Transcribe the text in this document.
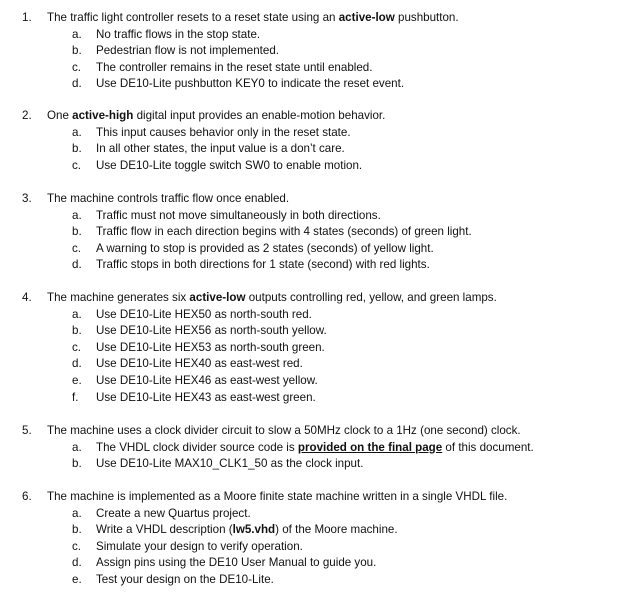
1. The traffic light controller resets to a reset state using an active-low pushbutton.
a. No traffic flows in the stop state.
b. Pedestrian flow is not implemented.
c. The controller remains in the reset state until enabled.
d. Use DE10-Lite pushbutton KEY0 to indicate the reset event.
2. One active-high digital input provides an enable-motion behavior.
a. This input causes behavior only in the reset state.
b. In all other states, the input value is a don’t care.
c. Use DE10-Lite toggle switch SW0 to enable motion.
3. The machine controls traffic flow once enabled.
a. Traffic must not move simultaneously in both directions.
b. Traffic flow in each direction begins with 4 states (seconds) of green light.
c. A warning to stop is provided as 2 states (seconds) of yellow light.
d. Traffic stops in both directions for 1 state (second) with red lights.
4. The machine generates six active-low outputs controlling red, yellow, and green lamps.
a. Use DE10-Lite HEX50 as north-south red.
b. Use DE10-Lite HEX56 as north-south yellow.
c. Use DE10-Lite HEX53 as north-south green.
d. Use DE10-Lite HEX40 as east-west red.
e. Use DE10-Lite HEX46 as east-west yellow.
f. Use DE10-Lite HEX43 as east-west green.
5. The machine uses a clock divider circuit to slow a 50MHz clock to a 1Hz (one second) clock.
a. The VHDL clock divider source code is provided on the final page of this document.
b. Use DE10-Lite MAX10_CLK1_50 as the clock input.
6. The machine is implemented as a Moore finite state machine written in a single VHDL file.
a. Create a new Quartus project.
b. Write a VHDL description (lw5.vhd) of the Moore machine.
c. Simulate your design to verify operation.
d. Assign pins using the DE10 User Manual to guide you.
e. Test your design on the DE10-Lite.
